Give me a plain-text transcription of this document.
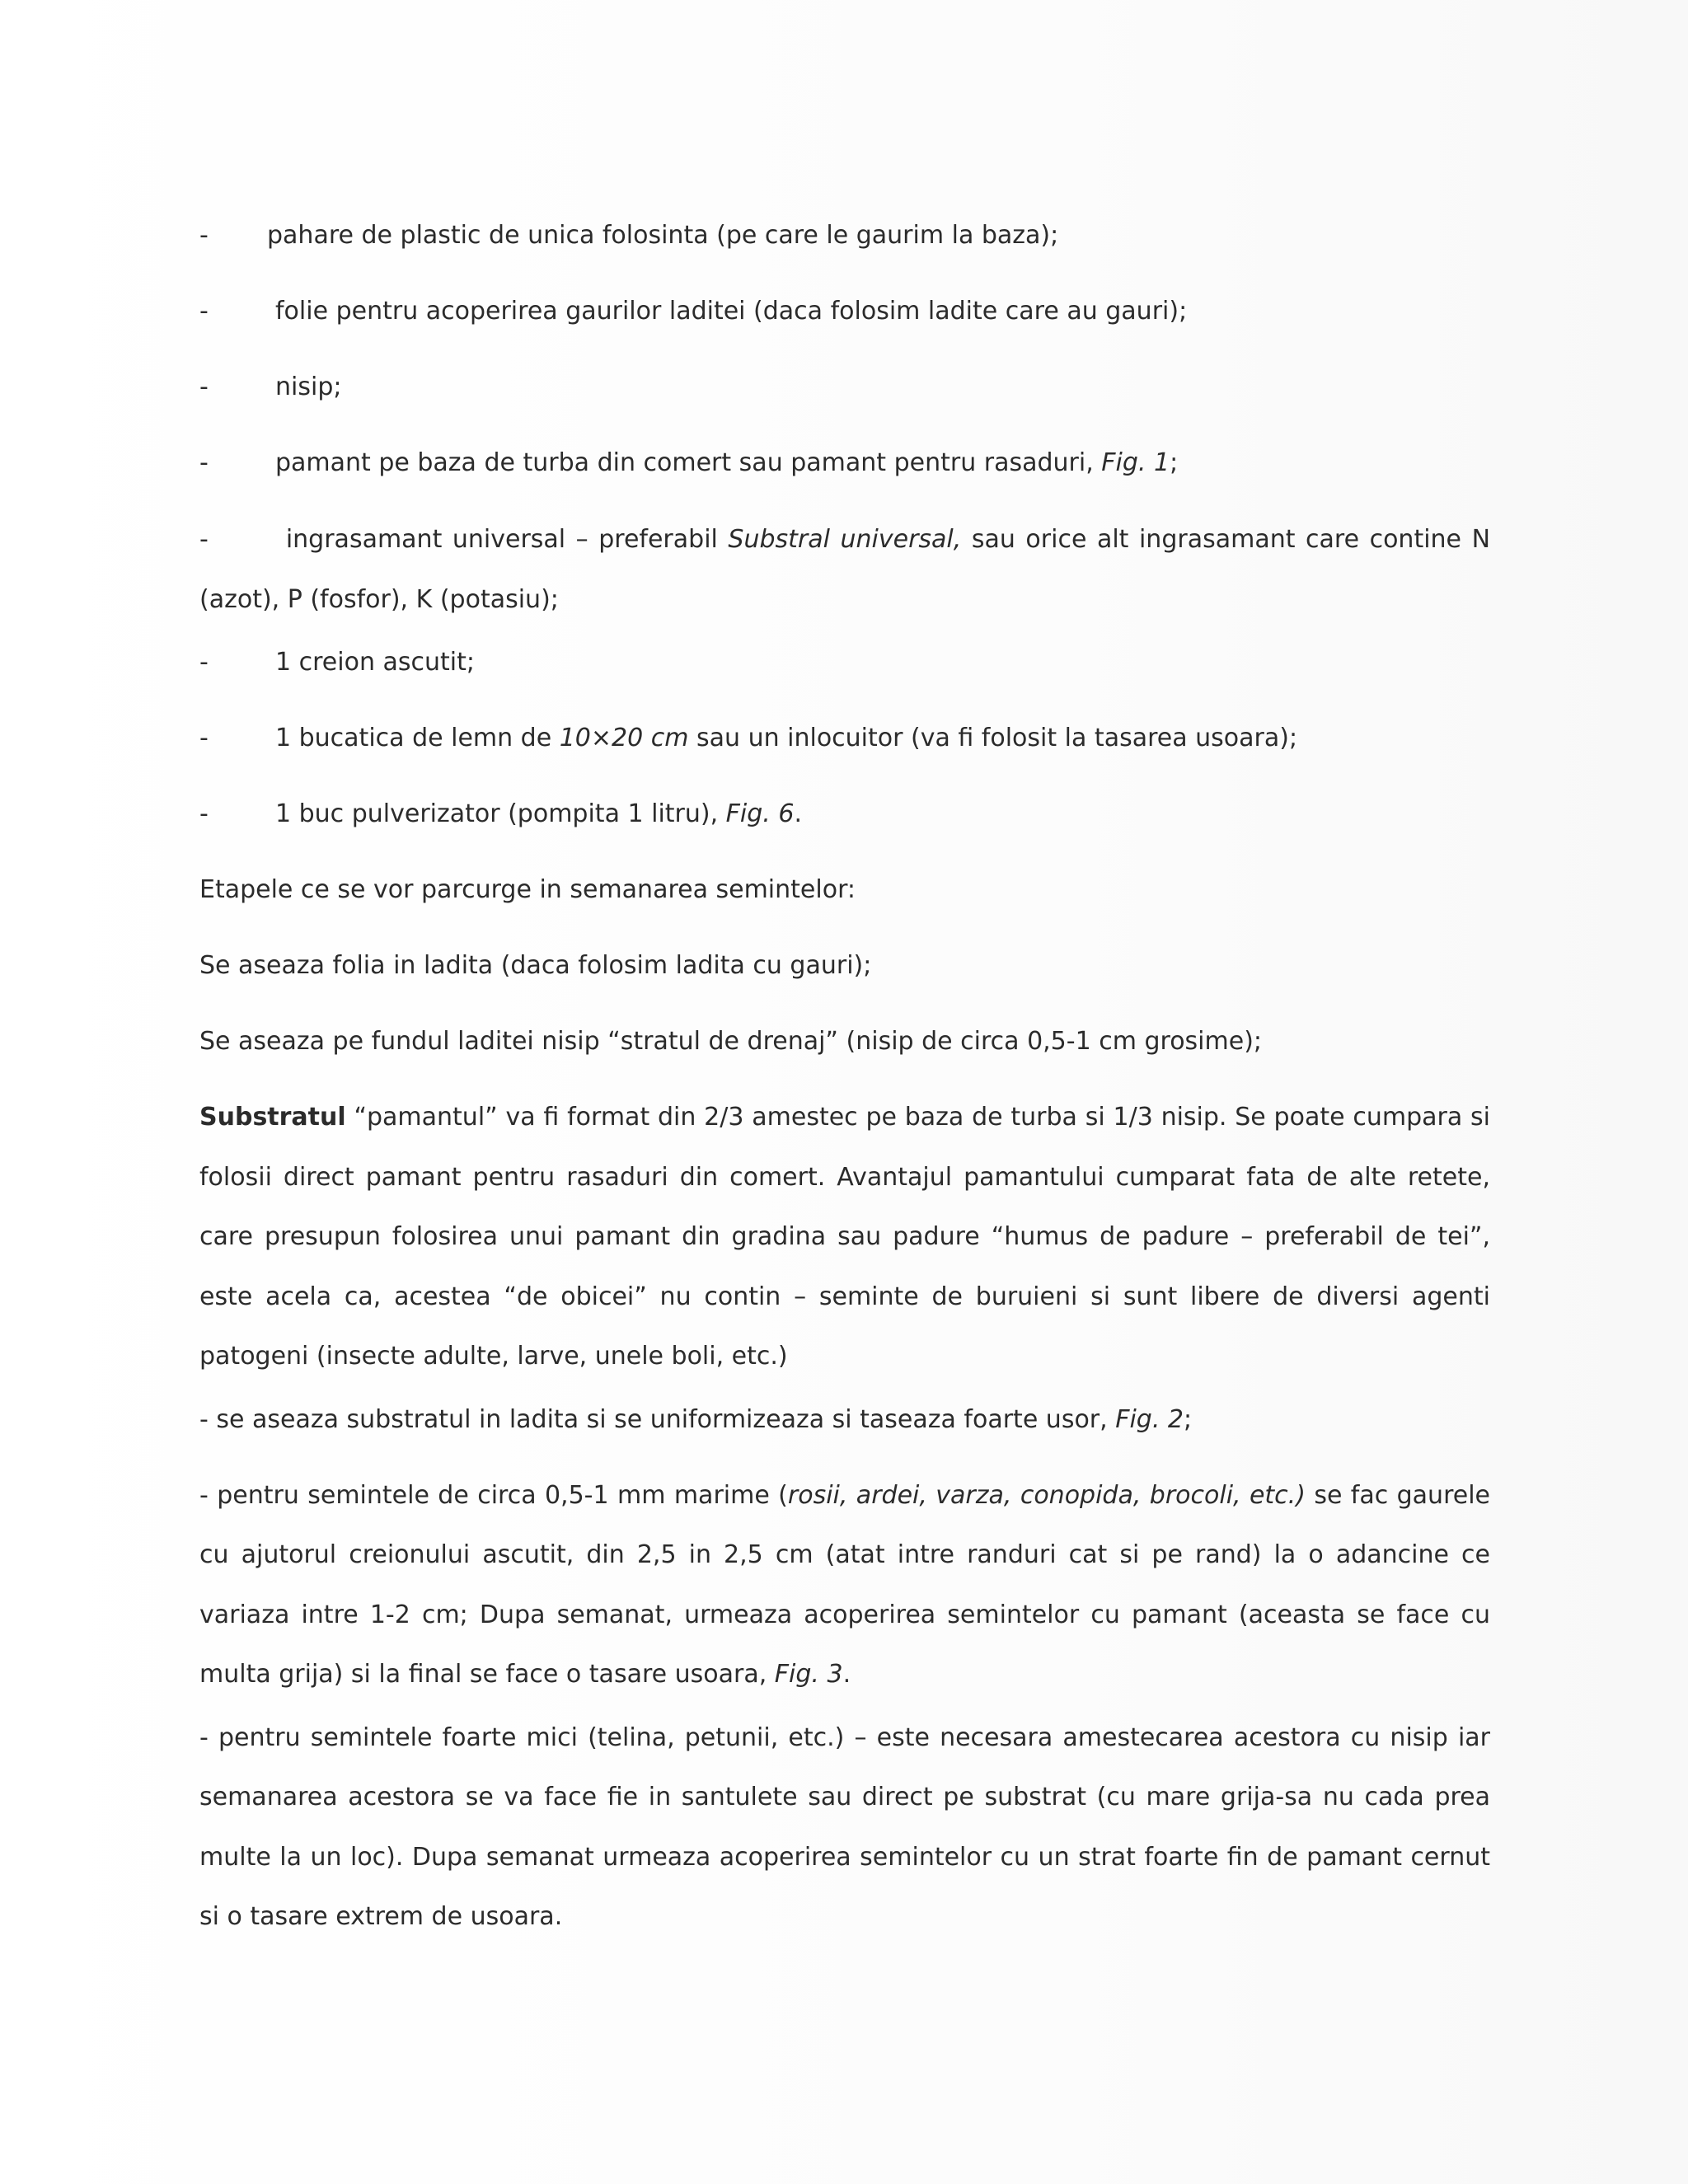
- pahare de plastic de unica folosinta (pe care le gaurim la baza);
-	folie pentru acoperirea gaurilor laditei (daca folosim ladite care au gauri);
-	nisip;
-	pamant pe baza de turba din comert sau pamant pentru rasaduri, Fig. 1;
-	ingrasamant universal – preferabil Substral universal, sau orice alt ingrasamant care contine N (azot), P (fosfor), K (potasiu);
-	1 creion ascutit;
-	1 bucatica de lemn de 10×20 cm sau un inlocuitor (va fi folosit la tasarea usoara);
-	1 buc pulverizator (pompita 1 litru), Fig. 6.
Etapele ce se vor parcurge in semanarea semintelor:
Se aseaza folia in ladita (daca folosim ladita cu gauri);
Se aseaza pe fundul laditei nisip “stratul de drenaj” (nisip de circa 0,5-1 cm grosime);
Substratul “pamantul” va fi format din 2/3 amestec pe baza de turba si 1/3 nisip. Se poate cumpara si folosii direct pamant pentru rasaduri din comert. Avantajul pamantului cumparat fata de alte retete, care presupun folosirea unui pamant din gradina sau padure “humus de padure – preferabil de tei”, este acela ca, acestea “de obicei” nu contin – seminte de buruieni si sunt libere de diversi agenti patogeni (insecte adulte, larve, unele boli, etc.)
- se aseaza substratul in ladita si se uniformizeaza si taseaza foarte usor, Fig. 2;
- pentru semintele de circa 0,5-1 mm marime (rosii, ardei, varza, conopida, brocoli, etc.) se fac gaurele cu ajutorul creionului ascutit, din 2,5 in 2,5 cm (atat intre randuri cat si pe rand) la o adancine ce variaza intre 1-2 cm; Dupa semanat, urmeaza acoperirea semintelor cu pamant (aceasta se face cu multa grija) si la final se face o tasare usoara, Fig. 3.
- pentru semintele foarte mici (telina, petunii, etc.) – este necesara amestecarea acestora cu nisip iar semanarea acestora se va face fie in santulete sau direct pe substrat (cu mare grija-sa nu cada prea multe la un loc). Dupa semanat urmeaza acoperirea semintelor cu un strat foarte fin de pamant cernut si o tasare extrem de usoara.
